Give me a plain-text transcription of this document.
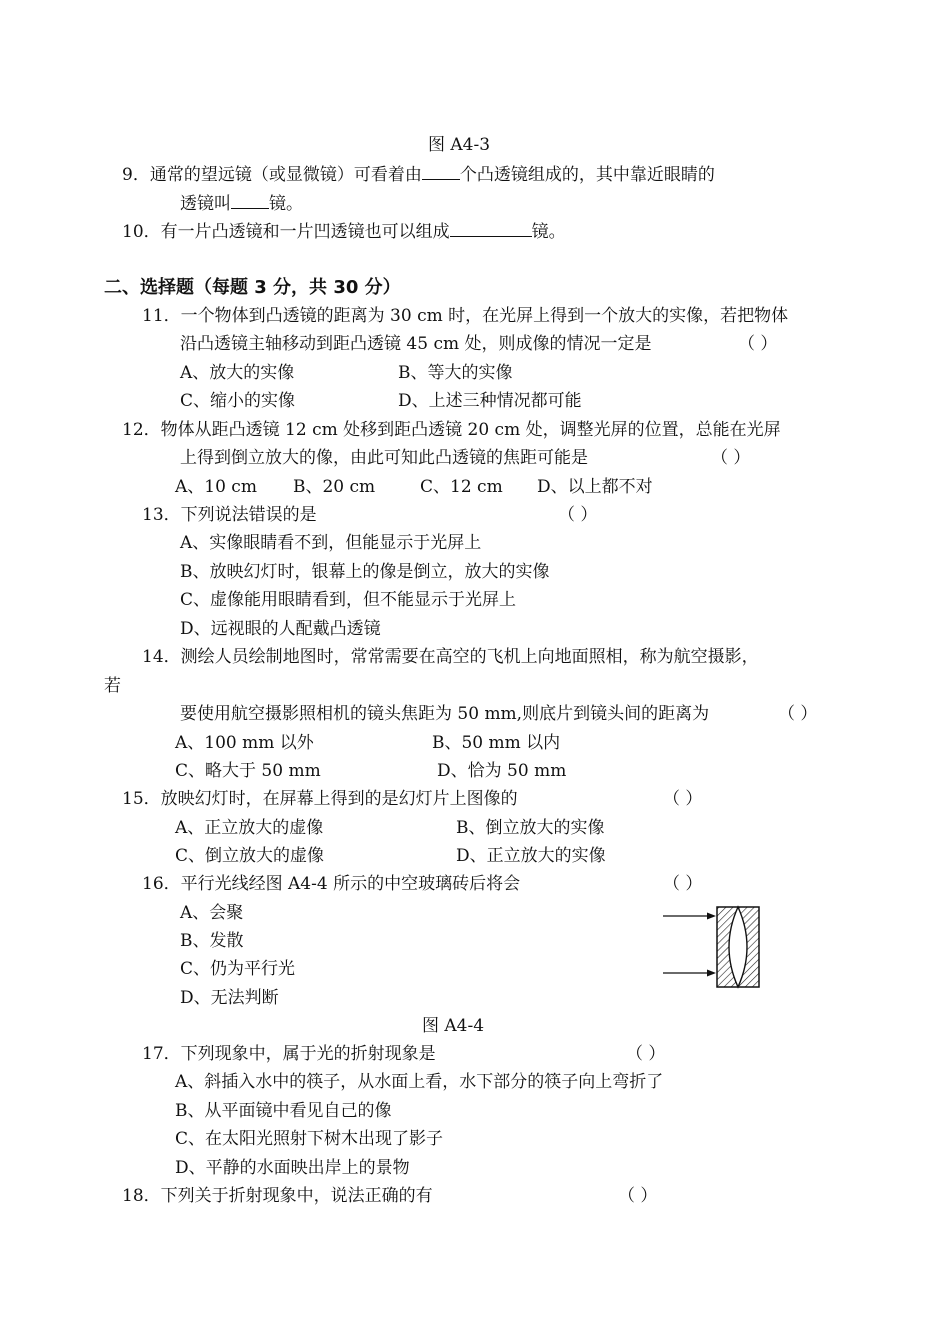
图 A4-3
9．通常的望远镜（或显微镜）可看着由 个凸透镜组成的，其中靠近眼睛的
透镜叫 镜。
10．有一片凸透镜和一片凹透镜也可以组成	镜。
二、选择题（每题 3 分，共 30 分）
11．一个物体到凸透镜的距离为 30 cm 时，在光屏上得到一个放大的实像，若把物体
沿凸透镜主轴移动到距凸透镜 45 cm 处，则成像的情况一定是	（ ）
A、放大的实像	B、等大的实像
C、缩小的实像	D、上述三种情况都可能
12．物体从距凸透镜 12 cm 处移到距凸透镜 20 cm 处，调整光屏的位置，总能在光屏
上得到倒立放大的像，由此可知此凸透镜的焦距可能是	（ ）
A、10 cm B、20 cm	C、12 cm D、以上都不对
13．下列说法错误的是	（ ）
A、实像眼睛看不到，但能显示于光屏上
B、放映幻灯时，银幕上的像是倒立，放大的实像
C、虚像能用眼睛看到，但不能显示于光屏上
D、远视眼的人配戴凸透镜
14．测绘人员绘制地图时，常常需要在高空的飞机上向地面照相，称为航空摄影，
若
要使用航空摄影照相机的镜头焦距为 50 mm,则底片到镜头间的距离为	（ ）
A、100 mm 以外	B、50 mm 以内
C、略大于 50 mm	D、恰为 50 mm
15．放映幻灯时，在屏幕上得到的是幻灯片上图像的	（ ）
A、正立放大的虚像	B、倒立放大的实像
C、倒立放大的虚像	D、正立放大的实像
16．平行光线经图 A4-4 所示的中空玻璃砖后将会	（ ）
A、会聚
B、发散
C、仍为平行光
D、无法判断
图 A4-4
17．下列现象中，属于光的折射现象是	（ ）
A、斜插入水中的筷子，从水面上看，水下部分的筷子向上弯折了
B、从平面镜中看见自己的像
C、在太阳光照射下树木出现了影子
D、平静的水面映出岸上的景物
18．下列关于折射现象中，说法正确的有	（ ）
